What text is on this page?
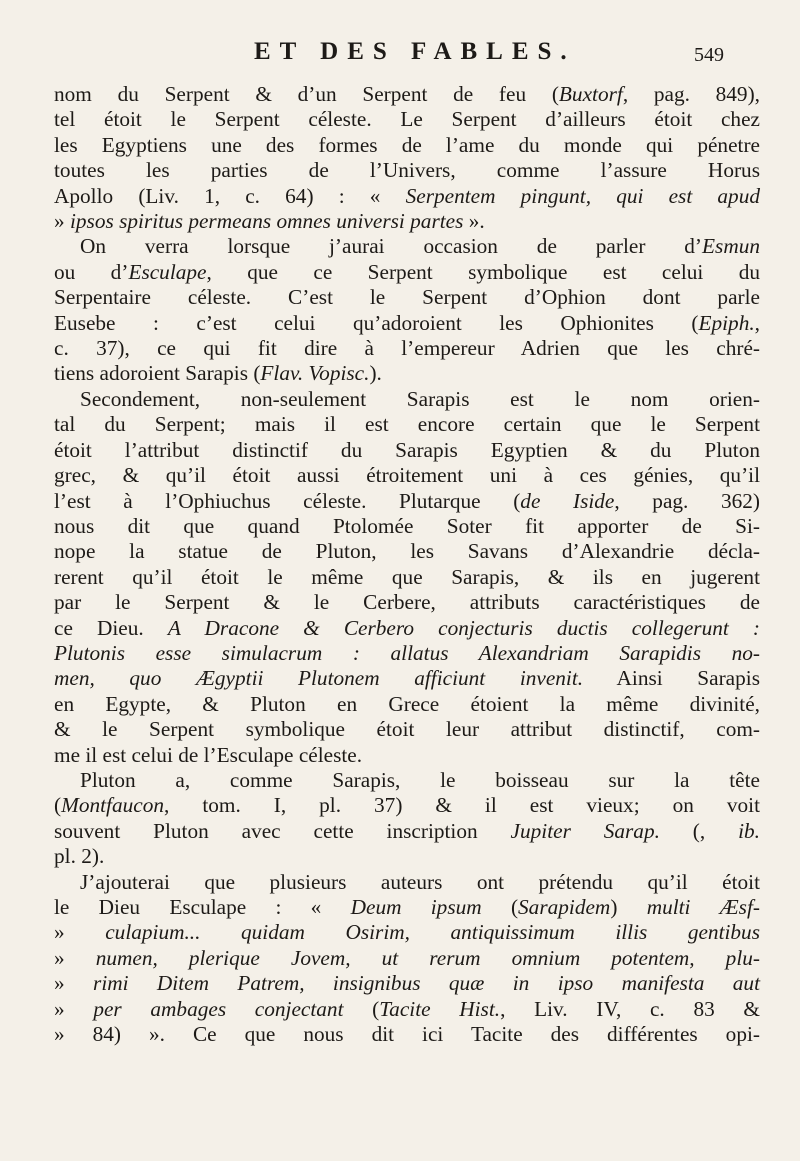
ET DES FABLES.	549
nom du Serpent & d’un Serpent de feu (Buxtorf, pag. 849),
tel étoit le Serpent céleste. Le Serpent d’ailleurs étoit chez
les Egyptiens une des formes de l’ame du monde qui pénetre
toutes les parties de l’Univers, comme l’assure Horus
Apollo (Liv. 1, c. 64) : « Serpentem pingunt, qui est apud
» ipsos spiritus permeans omnes universi partes ».
On verra lorsque j’aurai occasion de parler d’Esmun
ou d’Esculape, que ce Serpent symbolique est celui du
Serpentaire céleste. C’est le Serpent d’Ophion dont parle
Eusebe : c’est celui qu’adoroient les Ophionites (Epiph.,
c. 37), ce qui fit dire à l’empereur Adrien que les chré-
tiens adoroient Sarapis (Flav. Vopisc.).
Secondement, non-seulement Sarapis est le nom orien-
tal du Serpent; mais il est encore certain que le Serpent
étoit l’attribut distinctif du Sarapis Egyptien & du Pluton
grec, & qu’il étoit aussi étroitement uni à ces génies, qu’il
l’est à l’Ophiuchus céleste. Plutarque (de Iside, pag. 362)
nous dit que quand Ptolomée Soter fit apporter de Si-
nope la statue de Pluton, les Savans d’Alexandrie décla-
rerent qu’il étoit le même que Sarapis, & ils en jugerent
par le Serpent & le Cerbere, attributs caractéristiques de
ce Dieu. A Dracone & Cerbero conjecturis ductis collegerunt :
Plutonis esse simulacrum : allatus Alexandriam Sarapidis no-
men, quo Ægyptii Plutonem afficiunt invenit. Ainsi Sarapis
en Egypte, & Pluton en Grece étoient la même divinité,
& le Serpent symbolique étoit leur attribut distinctif, com-
me il est celui de l’Esculape céleste.
Pluton a, comme Sarapis, le boisseau sur la tête
(Montfaucon, tom. I, pl. 37) & il est vieux; on voit
souvent Pluton avec cette inscription Jupiter Sarap. (, ib.
pl. 2).
J’ajouterai que plusieurs auteurs ont prétendu qu’il étoit
le Dieu Esculape : « Deum ipsum (Sarapidem) multi Æsf-
» culapium... quidam Osirim, antiquissimum illis gentibus
» numen, plerique Jovem, ut rerum omnium potentem, plu-
» rimi Ditem Patrem, insignibus quæ in ipso manifesta aut
» per ambages conjectant (Tacite Hist., Liv. IV, c. 83 &
» 84) ». Ce que nous dit ici Tacite des différentes opi-
